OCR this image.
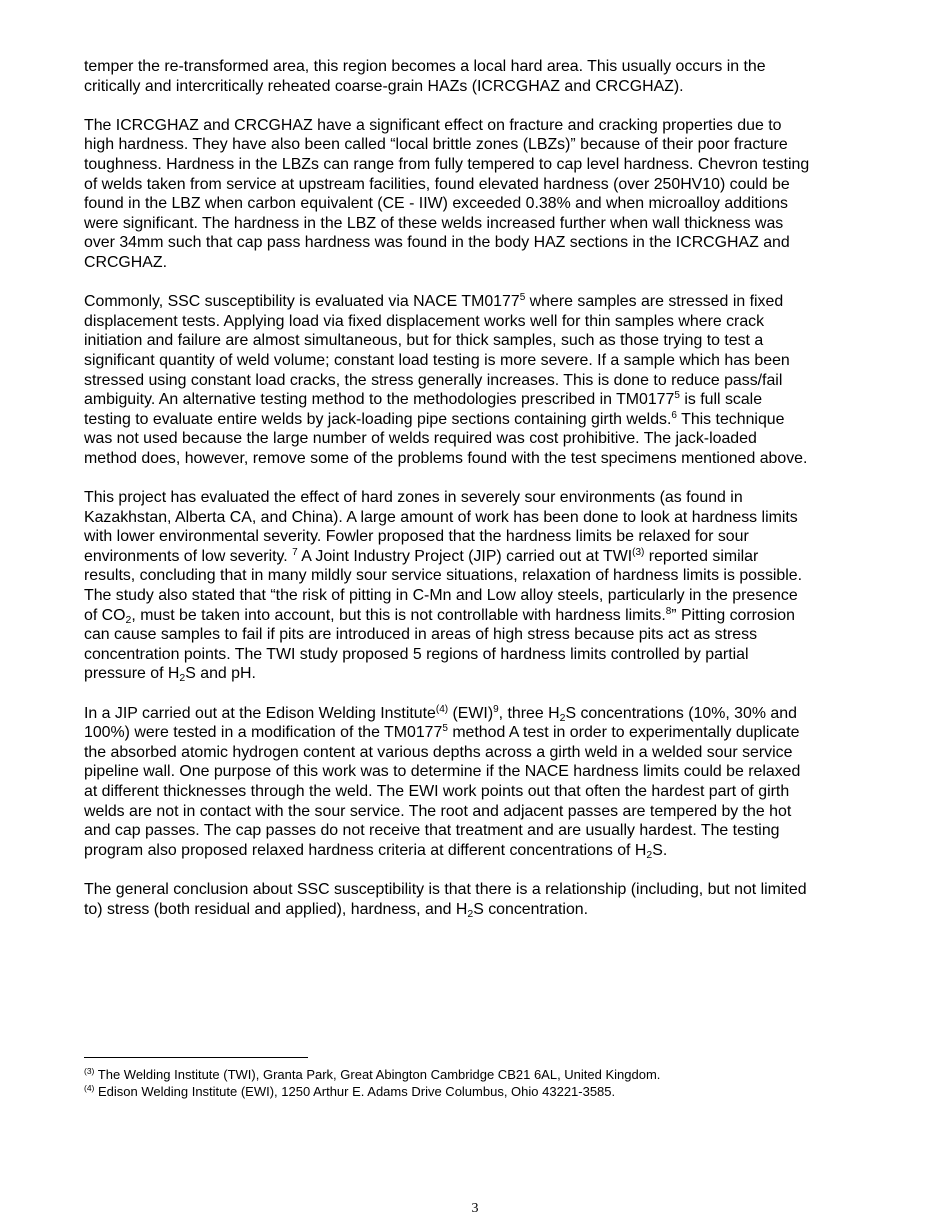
temper the re-transformed area, this region becomes a local hard area. This usually occurs in the
critically and intercritically reheated coarse-grain HAZs (ICRCGHAZ and CRCGHAZ).

The ICRCGHAZ and CRCGHAZ have a significant effect on fracture and cracking properties due to
high hardness. They have also been called “local brittle zones (LBZs)” because of their poor fracture
toughness. Hardness in the LBZs can range from fully tempered to cap level hardness. Chevron testing
of welds taken from service at upstream facilities, found elevated hardness (over 250HV10) could be
found in the LBZ when carbon equivalent (CE - IIW) exceeded 0.38% and when microalloy additions
were significant. The hardness in the LBZ of these welds increased further when wall thickness was
over 34mm such that cap pass hardness was found in the body HAZ sections in the ICRCGHAZ and
CRCGHAZ.

Commonly, SSC susceptibility is evaluated via NACE TM0177$^5$ where samples are stressed in fixed
displacement tests. Applying load via fixed displacement works well for thin samples where crack
initiation and failure are almost simultaneous, but for thick samples, such as those trying to test a
significant quantity of weld volume; constant load testing is more severe. If a sample which has been
stressed using constant load cracks, the stress generally increases. This is done to reduce pass/fail
ambiguity. An alternative testing method to the methodologies prescribed in TM0177$^5$ is full scale
testing to evaluate entire welds by jack-loading pipe sections containing girth welds.$^6$ This technique
was not used because the large number of welds required was cost prohibitive. The jack-loaded
method does, however, remove some of the problems found with the test specimens mentioned above.

This project has evaluated the effect of hard zones in severely sour environments (as found in
Kazakhstan, Alberta CA, and China). A large amount of work has been done to look at hardness limits
with lower environmental severity. Fowler proposed that the hardness limits be relaxed for sour
environments of low severity. $^7$ A Joint Industry Project (JIP) carried out at TWI$^{(3)}$ reported similar
results, concluding that in many mildly sour service situations, relaxation of hardness limits is possible.
The study also stated that “the risk of pitting in C-Mn and Low alloy steels, particularly in the presence
of $CO_2$, must be taken into account, but this is not controllable with hardness limits.$^8$” Pitting corrosion
can cause samples to fail if pits are introduced in areas of high stress because pits act as stress
concentration points. The TWI study proposed 5 regions of hardness limits controlled by partial
pressure of $H_2S$ and pH.

In a JIP carried out at the Edison Welding Institute$^{(4)}$ (EWI)$^9$, three $H_2S$ concentrations (10%, 30% and
100%) were tested in a modification of the TM0177$^5$ method A test in order to experimentally duplicate
the absorbed atomic hydrogen content at various depths across a girth weld in a welded sour service
pipeline wall. One purpose of this work was to determine if the NACE hardness limits could be relaxed
at different thicknesses through the weld. The EWI work points out that often the hardest part of girth
welds are not in contact with the sour service. The root and adjacent passes are tempered by the hot
and cap passes. The cap passes do not receive that treatment and are usually hardest. The testing
program also proposed relaxed hardness criteria at different concentrations of $H_2S$.

The general conclusion about SSC susceptibility is that there is a relationship (including, but not limited
to) stress (both residual and applied), hardness, and $H_2S$ concentration.

$^{(3)}$ The Welding Institute (TWI), Granta Park, Great Abington Cambridge CB21 6AL, United Kingdom.
$^{(4)}$ Edison Welding Institute (EWI), 1250 Arthur E. Adams Drive Columbus, Ohio 43221-3585.
3
